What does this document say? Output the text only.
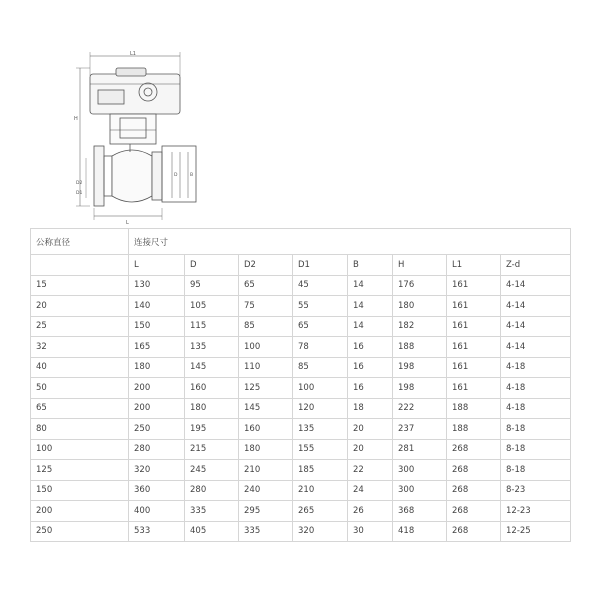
L1
H
D	B
D2
D1
L
公称直径	连接尺寸							
	L	D	D2	D1	B	H	L1	Z-d
15	130	95	65	45	14	176	161	4-14
20	140	105	75	55	14	180	161	4-14
25	150	115	85	65	14	182	161	4-14
32	165	135	100	78	16	188	161	4-14
40	180	145	110	85	16	198	161	4-18
50	200	160	125	100	16	198	161	4-18
65	200	180	145	120	18	222	188	4-18
80	250	195	160	135	20	237	188	8-18
100	280	215	180	155	20	281	268	8-18
125	320	245	210	185	22	300	268	8-18
150	360	280	240	210	24	300	268	8-23
200	400	335	295	265	26	368	268	12-23
250	533	405	335	320	30	418	268	12-25
